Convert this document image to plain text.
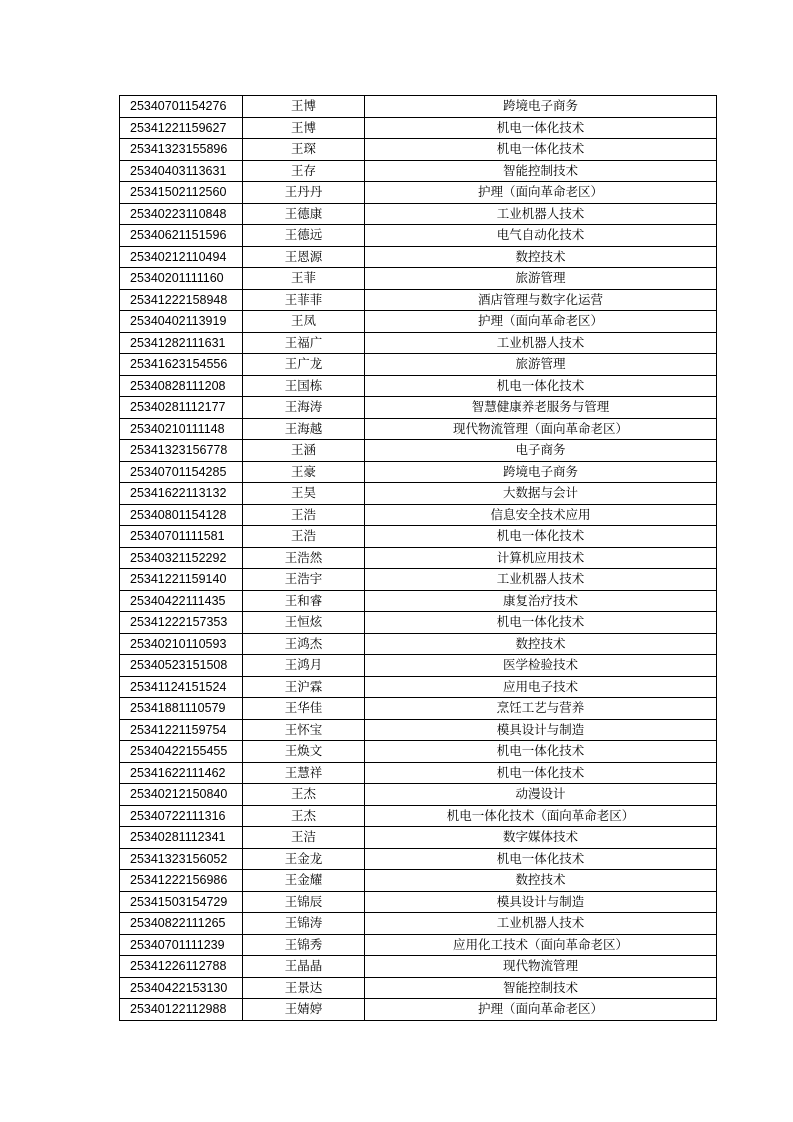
25340701154276	王博	跨境电子商务
25341221159627	王博	机电一体化技术
25341323155896	王琛	机电一体化技术
25340403113631	王存	智能控制技术
25341502112560	王丹丹	护理（面向革命老区）
25340223110848	王德康	工业机器人技术
25340621151596	王德远	电气自动化技术
25340212110494	王恩源	数控技术
25340201111160	王菲	旅游管理
25341222158948	王菲菲	酒店管理与数字化运营
25340402113919	王凤	护理（面向革命老区）
25341282111631	王福广	工业机器人技术
25341623154556	王广龙	旅游管理
25340828111208	王国栋	机电一体化技术
25340281112177	王海涛	智慧健康养老服务与管理
25340210111148	王海越	现代物流管理（面向革命老区）
25341323156778	王涵	电子商务
25340701154285	王豪	跨境电子商务
25341622113132	王昊	大数据与会计
25340801154128	王浩	信息安全技术应用
25340701111581	王浩	机电一体化技术
25340321152292	王浩然	计算机应用技术
25341221159140	王浩宇	工业机器人技术
25340422111435	王和睿	康复治疗技术
25341222157353	王恒炫	机电一体化技术
25340210110593	王鸿杰	数控技术
25340523151508	王鸿月	医学检验技术
25341124151524	王沪霖	应用电子技术
25341881110579	王华佳	烹饪工艺与营养
25341221159754	王怀宝	模具设计与制造
25340422155455	王焕文	机电一体化技术
25341622111462	王慧祥	机电一体化技术
25340212150840	王杰	动漫设计
25340722111316	王杰	机电一体化技术（面向革命老区）
25340281112341	王洁	数字媒体技术
25341323156052	王金龙	机电一体化技术
25341222156986	王金耀	数控技术
25341503154729	王锦辰	模具设计与制造
25340822111265	王锦涛	工业机器人技术
25340701111239	王锦秀	应用化工技术（面向革命老区）
25341226112788	王晶晶	现代物流管理
25340422153130	王景达	智能控制技术
25340122112988	王婧婷	护理（面向革命老区）
